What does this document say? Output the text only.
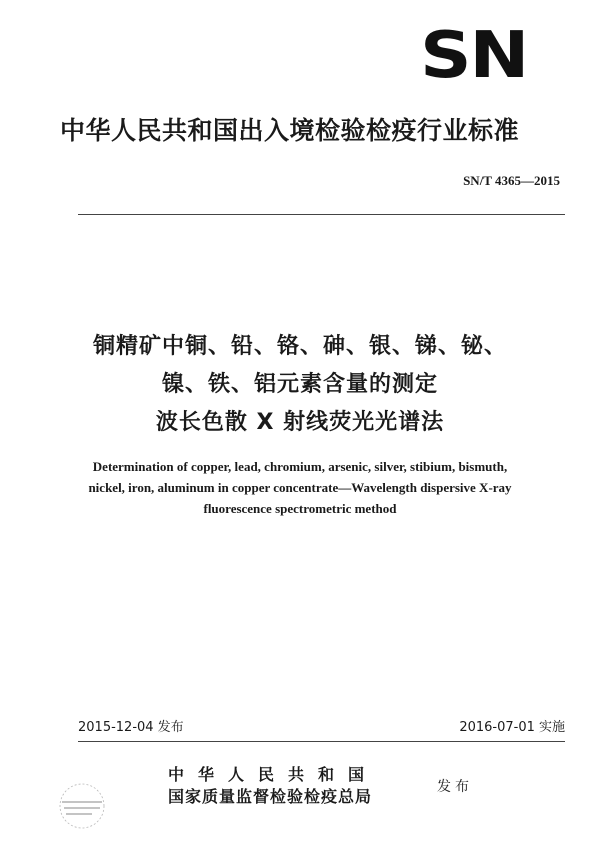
SN
中华人民共和国出入境检验检疫行业标准
SN/T 4365—2015
铜精矿中铜、铅、铬、砷、银、锑、铋、
镍、铁、铝元素含量的测定
波长色散 X 射线荧光光谱法
Determination of copper, lead, chromium, arsenic, silver, stibium, bismuth,
nickel, iron, aluminum in copper concentrate—Wavelength dispersive X-ray
fluorescence spectrometric method
2015-12-04 发布	2016-07-01 实施
中华人民共和国
国家质量监督检验检疫总局	发布
